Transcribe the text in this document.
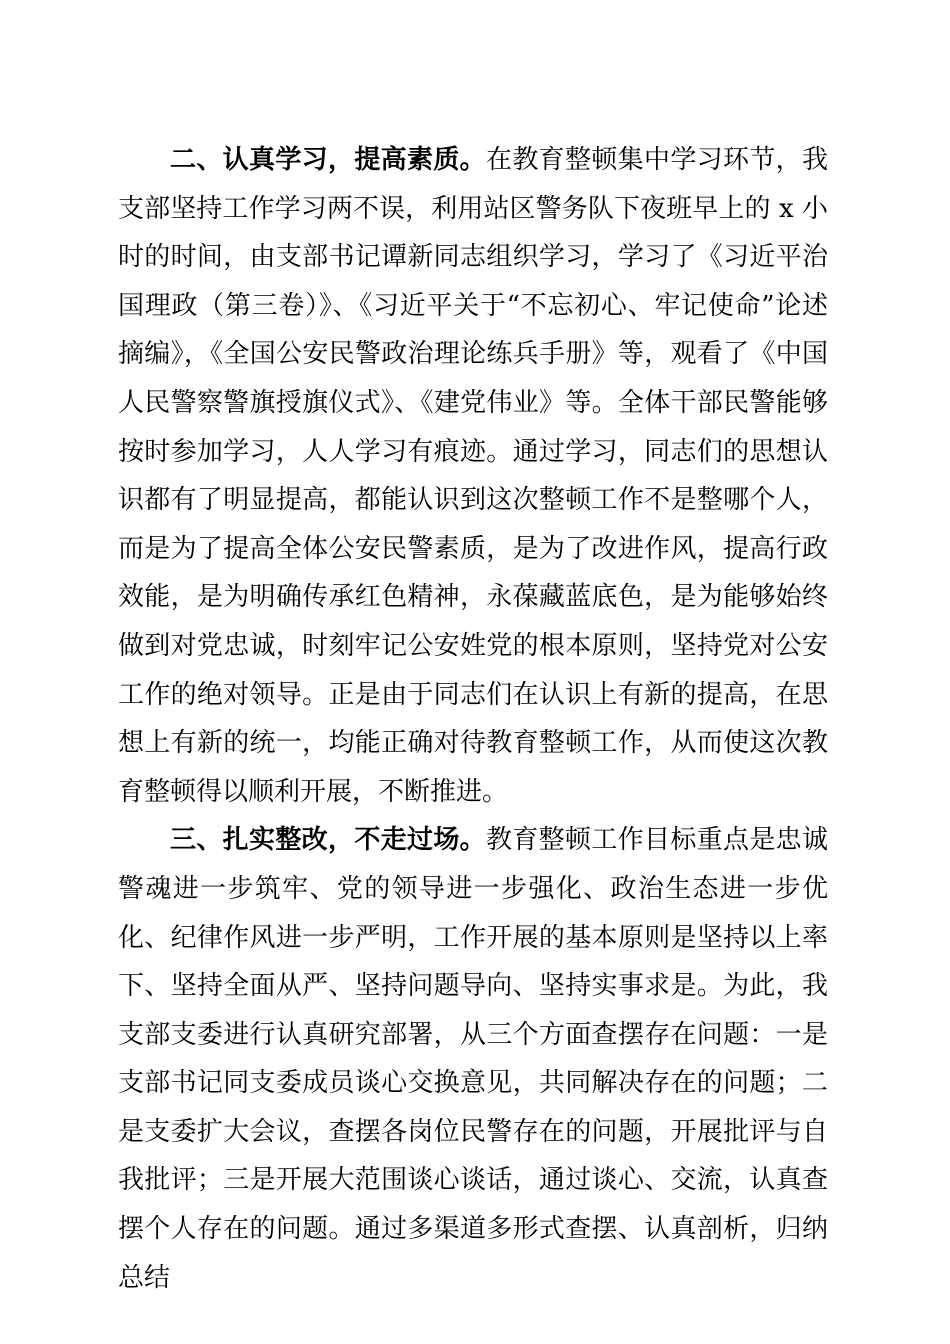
二、认真学习，提高素质。在教育整顿集中学习环节，我支部坚持工作学习两不误，利用站区警务队下夜班早上的 x 小时的时间，由支部书记谭新同志组织学习，学习了《习近平治国理政（第三卷）》、《习近平关于“不忘初心、牢记使命”论述摘编》，《全国公安民警政治理论练兵手册》等，观看了《中国人民警察警旗授旗仪式》、《建党伟业》等。全体干部民警能够按时参加学习，人人学习有痕迹。通过学习，同志们的思想认识都有了明显提高，都能认识到这次整顿工作不是整哪个人，而是为了提高全体公安民警素质，是为了改进作风，提高行政效能，是为明确传承红色精神，永葆藏蓝底色，是为能够始终做到对党忠诚，时刻牢记公安姓党的根本原则，坚持党对公安工作的绝对领导。正是由于同志们在认识上有新的提高，在思想上有新的统一，均能正确对待教育整顿工作，从而使这次教育整顿得以顺利开展，不断推进。

三、扎实整改，不走过场。教育整顿工作目标重点是忠诚警魂进一步筑牢、党的领导进一步强化、政治生态进一步优化、纪律作风进一步严明，工作开展的基本原则是坚持以上率下、坚持全面从严、坚持问题导向、坚持实事求是。为此，我支部支委进行认真研究部署，从三个方面查摆存在问题：一是支部书记同支委成员谈心交换意见，共同解决存在的问题；二是支委扩大会议，查摆各岗位民警存在的问题，开展批评与自我批评；三是开展大范围谈心谈话，通过谈心、交流，认真查摆个人存在的问题。通过多渠道多形式查摆、认真剖析，归纳总结
